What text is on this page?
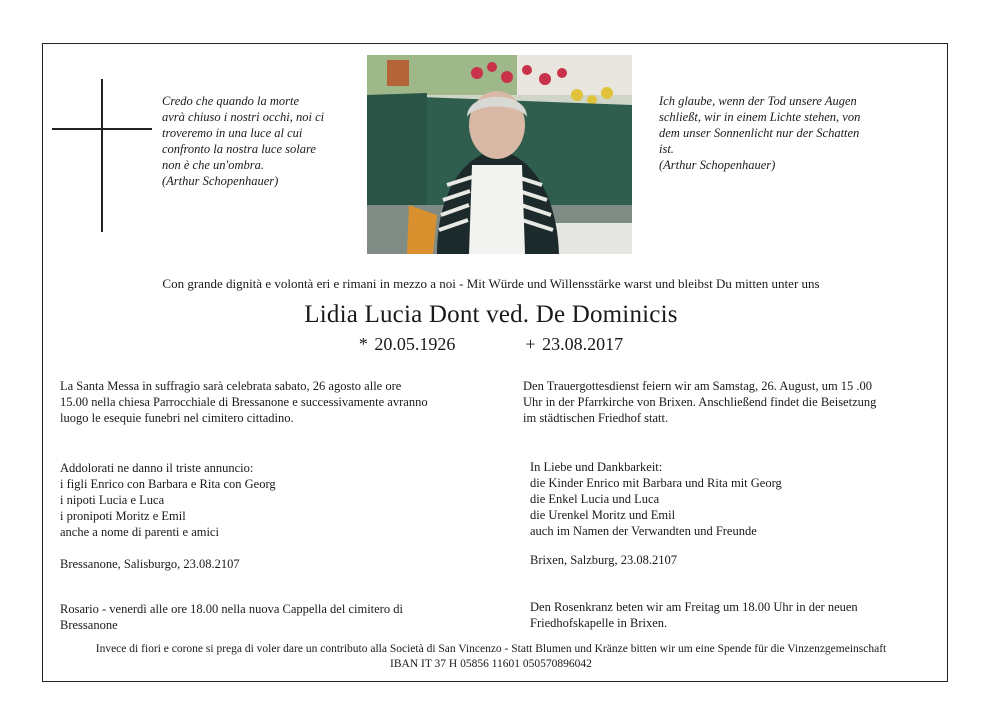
Credo che quando la morte
avrà chiuso i nostri occhi, noi ci
troveremo in una luce al cui
confronto la nostra luce solare
non è che un'ombra.
(Arthur Schopenhauer)
Ich glaube, wenn der Tod unsere Augen
schließt, wir in einem Lichte stehen, von
dem unser Sonnenlicht nur der Schatten
ist.
(Arthur Schopenhauer)
Con grande dignità e volontà eri e rimani in mezzo a noi - Mit Würde und Willensstärke warst und bleibst Du mitten unter uns
Lidia Lucia Dont ved. De Dominicis
* 20.05.1926	+ 23.08.2017
La Santa Messa in suffragio sarà celebrata sabato, 26 agosto alle ore
15.00 nella chiesa Parrocchiale di Bressanone e successivamente avranno
luogo le esequie funebri nel cimitero cittadino.
Den Trauergottesdienst feiern wir am Samstag, 26. August, um 15 .00
Uhr in der Pfarrkirche von Brixen. Anschließend findet die Beisetzung
im städtischen Friedhof statt.
Addolorati ne danno il triste annuncio:
i figli Enrico con Barbara e Rita con Georg
i nipoti Lucia e Luca
i pronipoti Moritz e Emil
anche a nome di parenti e amici
In Liebe und Dankbarkeit:
die Kinder Enrico mit Barbara und Rita mit Georg
die Enkel Lucia und Luca
die Urenkel Moritz und Emil
auch im Namen der Verwandten und Freunde
Bressanone, Salisburgo, 23.08.2107	Brixen, Salzburg, 23.08.2107
Rosario - venerdì alle ore 18.00 nella nuova Cappella del cimitero di
Bressanone
Den Rosenkranz beten wir am Freitag um 18.00 Uhr in der neuen
Friedhofskapelle in Brixen.
Invece di fiori e corone si prega di voler dare un contributo alla Società di San Vincenzo - Statt Blumen und Kränze bitten wir um eine Spende für die Vinzenzgemeinschaft
IBAN IT 37 H 05856 11601 050570896042
